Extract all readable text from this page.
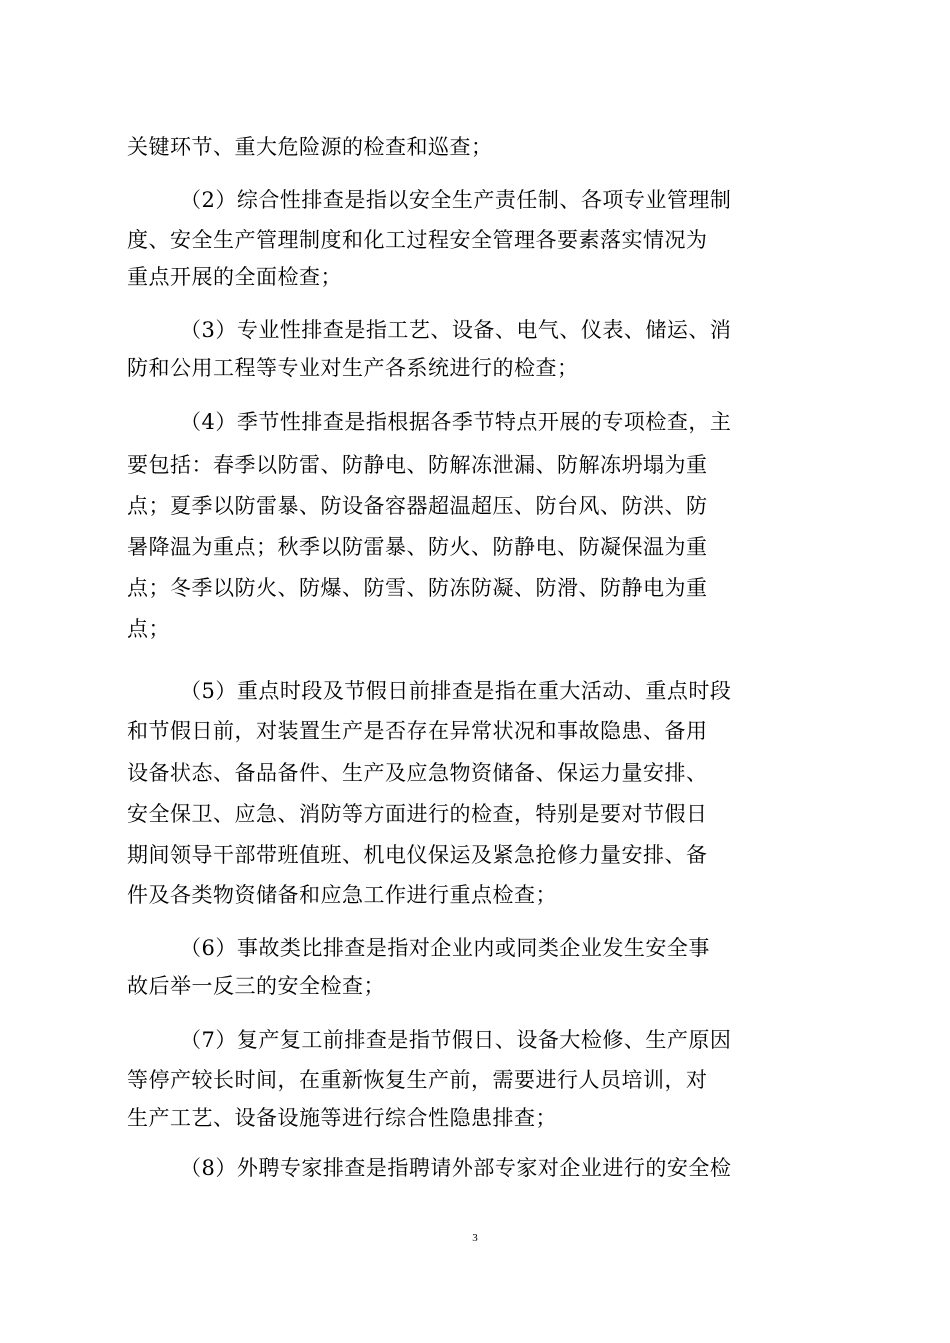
关键环节、重大危险源的检查和巡查；
（2）综合性排查是指以安全生产责任制、各项专业管理制
度、安全生产管理制度和化工过程安全管理各要素落实情况为
重点开展的全面检查；
（3）专业性排查是指工艺、设备、电气、仪表、储运、消
防和公用工程等专业对生产各系统进行的检查；
（4）季节性排查是指根据各季节特点开展的专项检查，主
要包括：春季以防雷、防静电、防解冻泄漏、防解冻坍塌为重
点；夏季以防雷暴、防设备容器超温超压、防台风、防洪、防
暑降温为重点；秋季以防雷暴、防火、防静电、防凝保温为重
点；冬季以防火、防爆、防雪、防冻防凝、防滑、防静电为重
点；
（5）重点时段及节假日前排查是指在重大活动、重点时段
和节假日前，对装置生产是否存在异常状况和事故隐患、备用
设备状态、备品备件、生产及应急物资储备、保运力量安排、
安全保卫、应急、消防等方面进行的检查，特别是要对节假日
期间领导干部带班值班、机电仪保运及紧急抢修力量安排、备
件及各类物资储备和应急工作进行重点检查；
（6）事故类比排查是指对企业内或同类企业发生安全事
故后举一反三的安全检查；
（7）复产复工前排查是指节假日、设备大检修、生产原因
等停产较长时间，在重新恢复生产前，需要进行人员培训，对
生产工艺、设备设施等进行综合性隐患排查；
（8）外聘专家排查是指聘请外部专家对企业进行的安全检
3
